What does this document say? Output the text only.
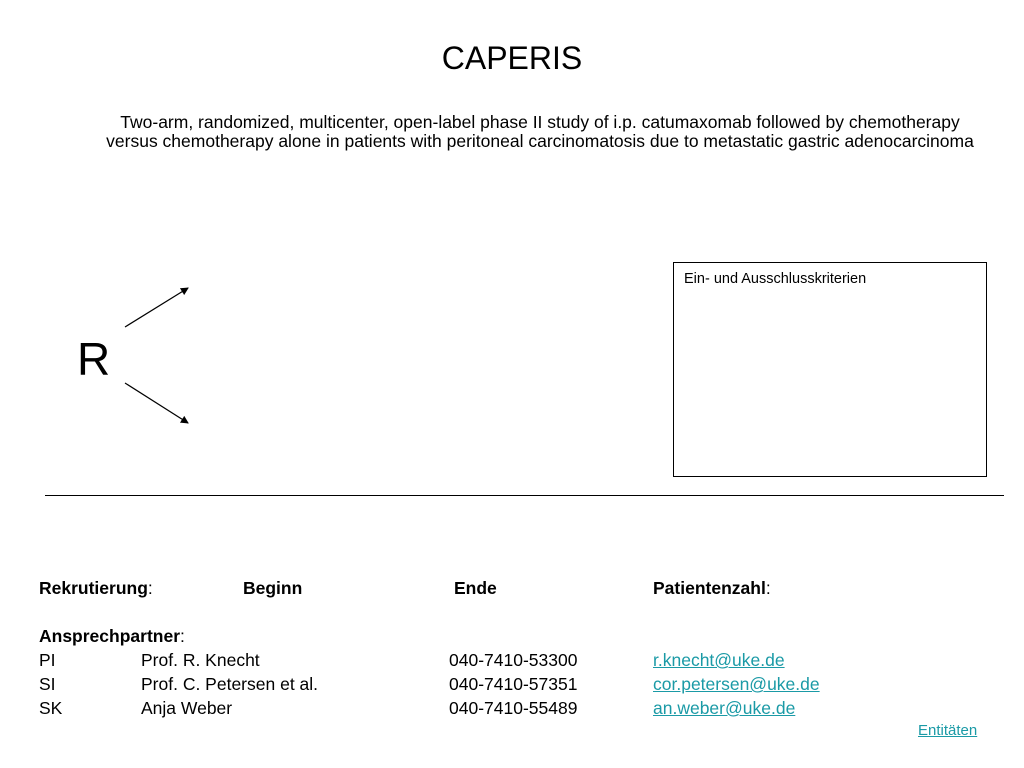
CAPERIS

Two-arm, randomized, multicenter, open-label phase II study of i.p. catumaxomab followed by chemotherapy versus chemotherapy alone in patients with peritoneal carcinomatosis due to metastatic gastric adenocarcinoma

R
Ein- und Ausschlusskriterien
Rekrutierung:	Beginn	Ende	Patientenzahl:
Ansprechpartner:
PI	Prof. R. Knecht	040-7410-53300	r.knecht@uke.de
SI	Prof. C. Petersen et al.	040-7410-57351	cor.petersen@uke.de
SK	Anja Weber	040-7410-55489	an.weber@uke.de
Entitäten
